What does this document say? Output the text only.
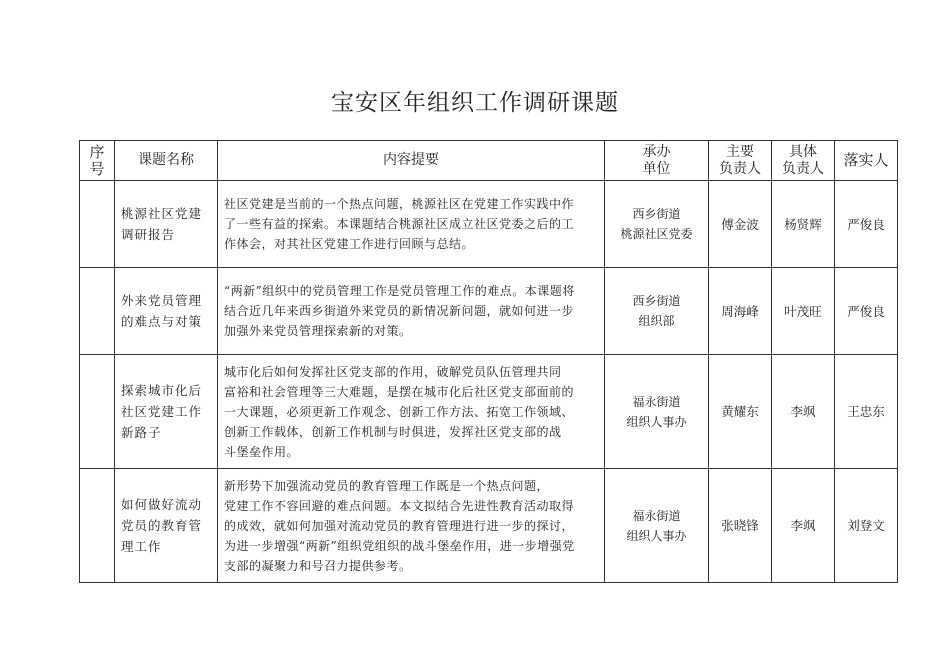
宝安区年组织工作调研课题
序
号	课题名称	内容提要	承办
单位	主要
负责人	具体
负责人	落实人

	桃源社区党建
调研报告	社区党建是当前的一个热点问题，桃源社区在党建工作实践中作
了一些有益的探索。本课题结合桃源社区成立社区党委之后的工
作体会，对其社区党建工作进行回顾与总结。	西乡街道
桃源社区党委	傅金波	杨贤辉	严俊良

	外来党员管理
的难点与对策	“两新”组织中的党员管理工作是党员管理工作的难点。本课题将
结合近几年来西乡街道外来党员的新情况新问题，就如何进一步
加强外来党员管理探索新的对策。	西乡街道
组织部	周海峰	叶茂旺	严俊良

	探索城市化后
社区党建工作
新路子	城市化后如何发挥社区党支部的作用，破解党员队伍管理共同
富裕和社会管理等三大难题，是摆在城市化后社区党支部面前的
一大课题，必须更新工作观念、创新工作方法、拓宽工作领域、
创新工作载体，创新工作机制与时俱进，发挥社区党支部的战
斗堡垒作用。	福永街道
组织人事办	黄耀东	李飒	王忠东

	如何做好流动
党员的教育管
理工作	新形势下加强流动党员的教育管理工作既是一个热点问题，
党建工作不容回避的难点问题。本文拟结合先进性教育活动取得
的成效，就如何加强对流动党员的教育管理进行进一步的探讨，
为进一步增强“两新”组织党组织的战斗堡垒作用，进一步增强党
支部的凝聚力和号召力提供参考。	福永街道
组织人事办	张晓锋	李飒	刘登文
